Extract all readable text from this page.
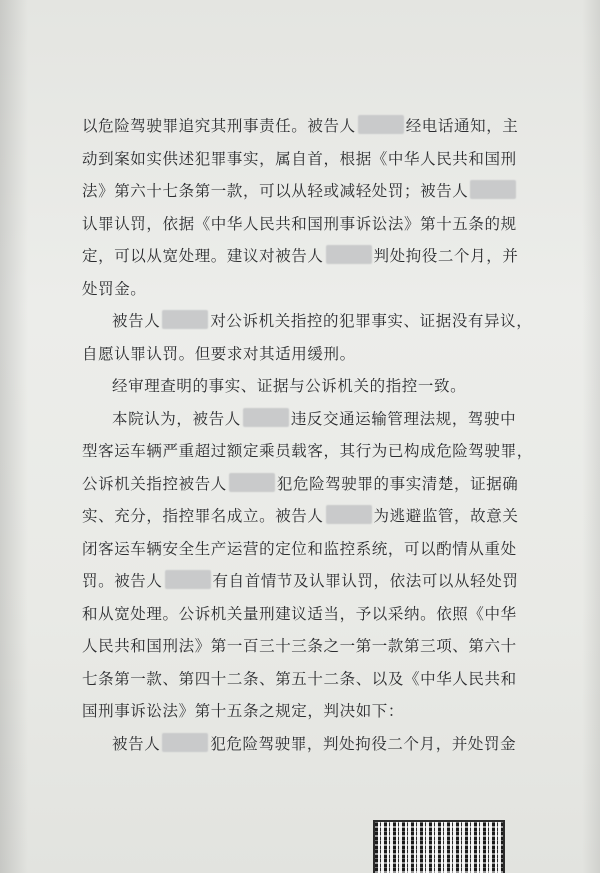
以危险驾驶罪追究其刑事责任。被告人	经电话通知，主
动到案如实供述犯罪事实，属自首，根据《中华人民共和国刑
法》第六十七条第一款，可以从轻或减轻处罚；被告人
认罪认罚，依据《中华人民共和国刑事诉讼法》第十五条的规
定，可以从宽处理。建议对被告人	判处拘役二个月，并
处罚金。
被告人	对公诉机关指控的犯罪事实、证据没有异议，
自愿认罪认罚。但要求对其适用缓刑。
经审理查明的事实、证据与公诉机关的指控一致。
本院认为，被告人	违反交通运输管理法规，驾驶中
型客运车辆严重超过额定乘员载客，其行为已构成危险驾驶罪，
公诉机关指控被告人	犯危险驾驶罪的事实清楚，证据确
实、充分，指控罪名成立。被告人	为逃避监管，故意关
闭客运车辆安全生产运营的定位和监控系统，可以酌情从重处
罚。被告人	有自首情节及认罪认罚，依法可以从轻处罚
和从宽处理。公诉机关量刑建议适当，予以采纳。依照《中华
人民共和国刑法》第一百三十三条之一第一款第三项、第六十
七条第一款、第四十二条、第五十二条、以及《中华人民共和
国刑事诉讼法》第十五条之规定，判决如下：
被告人	犯危险驾驶罪，判处拘役二个月，并处罚金
